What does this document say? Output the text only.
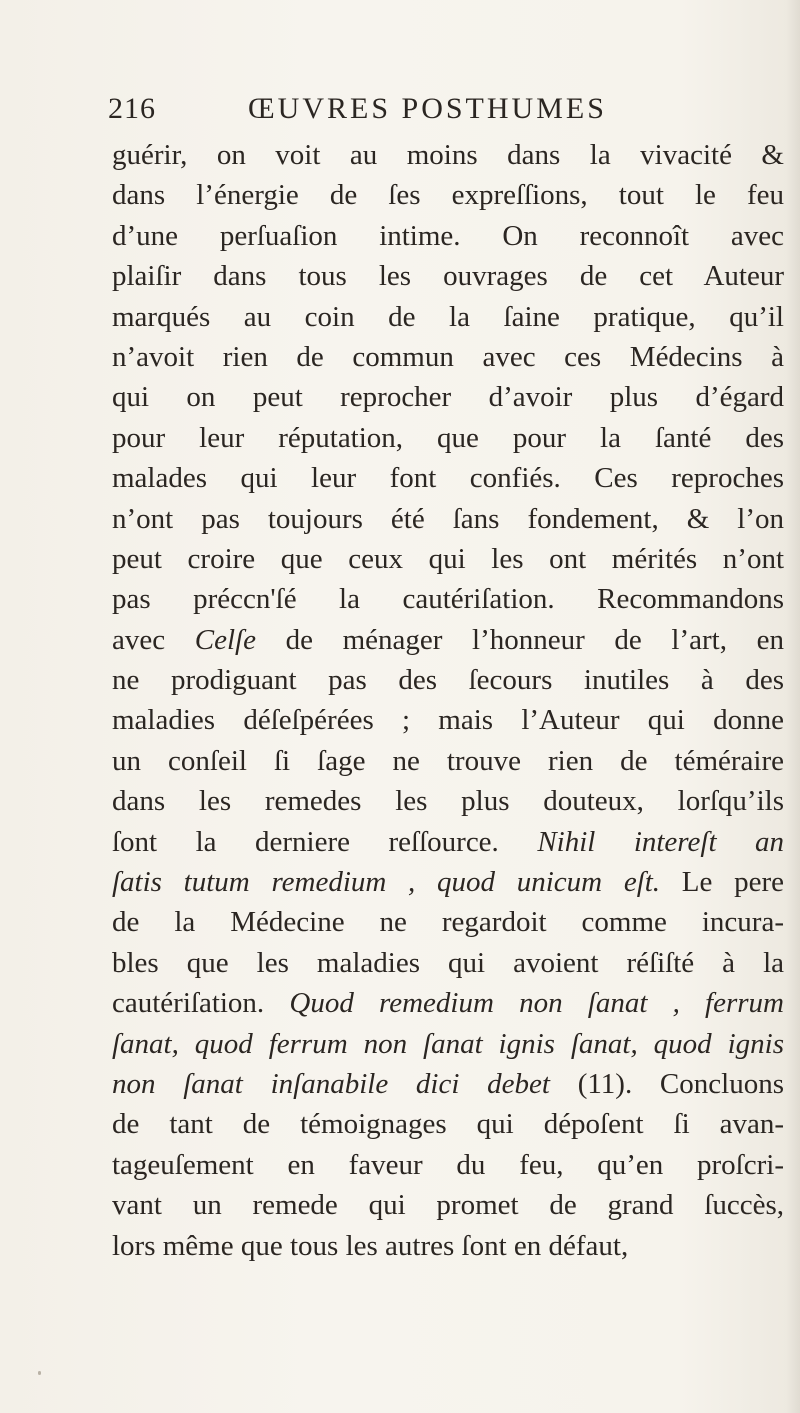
216	ŒUVRES POSTHUMES
guérir, on voit au moins dans la vivacité &
dans l’énergie de ſes expreſſions, tout le feu
d’une perſuaſion intime. On reconnoît avec
plaiſir dans tous les ouvrages de cet Auteur
marqués au coin de la ſaine pratique, qu’il
n’avoit rien de commun avec ces Médecins à
qui on peut reprocher d’avoir plus d’égard
pour leur réputation, que pour la ſanté des
malades qui leur font confiés. Ces reproches
n’ont pas toujours été ſans fondement, & l’on
peut croire que ceux qui les ont mérités n’ont
pas préccn'ſé la cautériſation. Recommandons
avec Celſe de ménager l’honneur de l’art, en
ne prodiguant pas des ſecours inutiles à des
maladies déſeſpérées ; mais l’Auteur qui donne
un conſeil ſi ſage ne trouve rien de téméraire
dans les remedes les plus douteux, lorſqu’ils
ſont la derniere reſſource. Nihil intereſt an
ſatis tutum remedium , quod unicum eſt. Le pere
de la Médecine ne regardoit comme incura-
bles que les maladies qui avoient réſiſté à la
cautériſation. Quod remedium non ſanat , ferrum
ſanat, quod ferrum non ſanat ignis ſanat, quod ignis
non ſanat inſanabile dici debet (11). Concluons
de tant de témoignages qui dépoſent ſi avan-
tageuſement en faveur du feu, qu’en proſcri-
vant un remede qui promet de grand ſuccès,
lors même que tous les autres ſont en défaut,
